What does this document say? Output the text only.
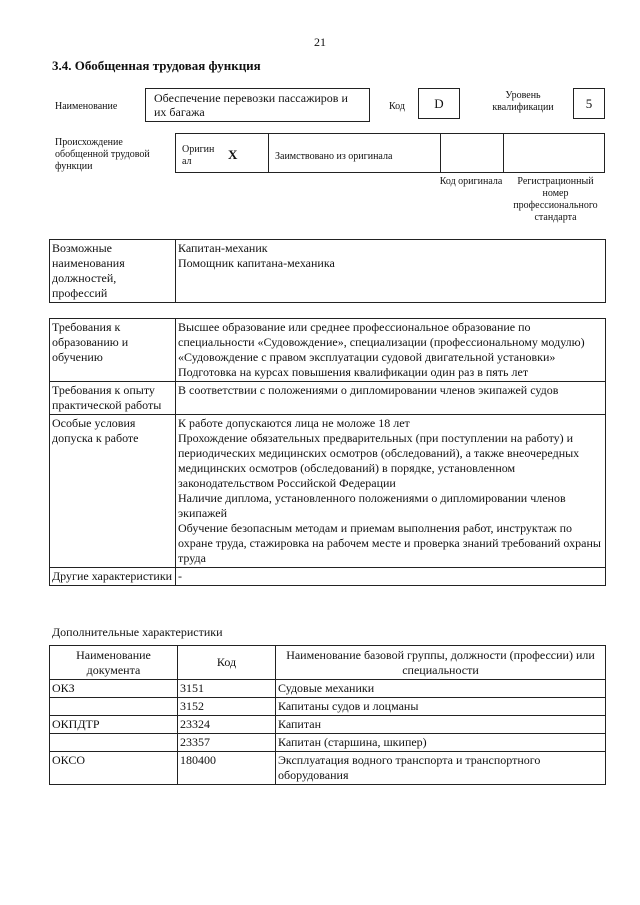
21
3.4. Обобщенная трудовая функция
Наименование
Обеспечение перевозки пассажиров и их багажа	Код	D
Уровень квалификации	5
Происхождение обобщенной трудовой функции
Оригин ал	X	Заимствовано из оригинала
Код оригинала	Регистрационный номер профессионального стандарта
Возможные наименования должностей, профессий	
Капитан-механик
Помощник капитана-механика
Требования к образованию и обучению	Высшее образование или среднее профессиональное образование по специальности «Судовождение», специализации (профессиональному модулю) «Судовождение с правом эксплуатации судовой двигательной установки»
Подготовка на курсах повышения квалификации один раз в пять лет

Требования к опыту практической работы	В соответствии с положениями о дипломировании членов экипажей судов

Особые условия допуска к работе	К работе допускаются лица не моложе 18 лет
Прохождение обязательных предварительных (при поступлении на работу) и периодических медицинских осмотров (обследований), а также внеочередных медицинских осмотров (обследований) в порядке, установленном законодательством Российской Федерации
Наличие диплома, установленного положениями о дипломировании членов экипажей
Обучение безопасным методам и приемам выполнения работ, инструктаж по охране труда, стажировка на рабочем месте и проверка знаний требований охраны труда

Другие характеристики	-
Дополнительные характеристики
Наименование документа	Код	Наименование базовой группы, должности (профессии) или специальности
ОКЗ	3151	Судовые механики
	3152	Капитаны судов и лоцманы
ОКПДТР	23324	Капитан
	23357	Капитан (старшина, шкипер)
ОКСО	180400	Эксплуатация водного транспорта и транспортного оборудования
